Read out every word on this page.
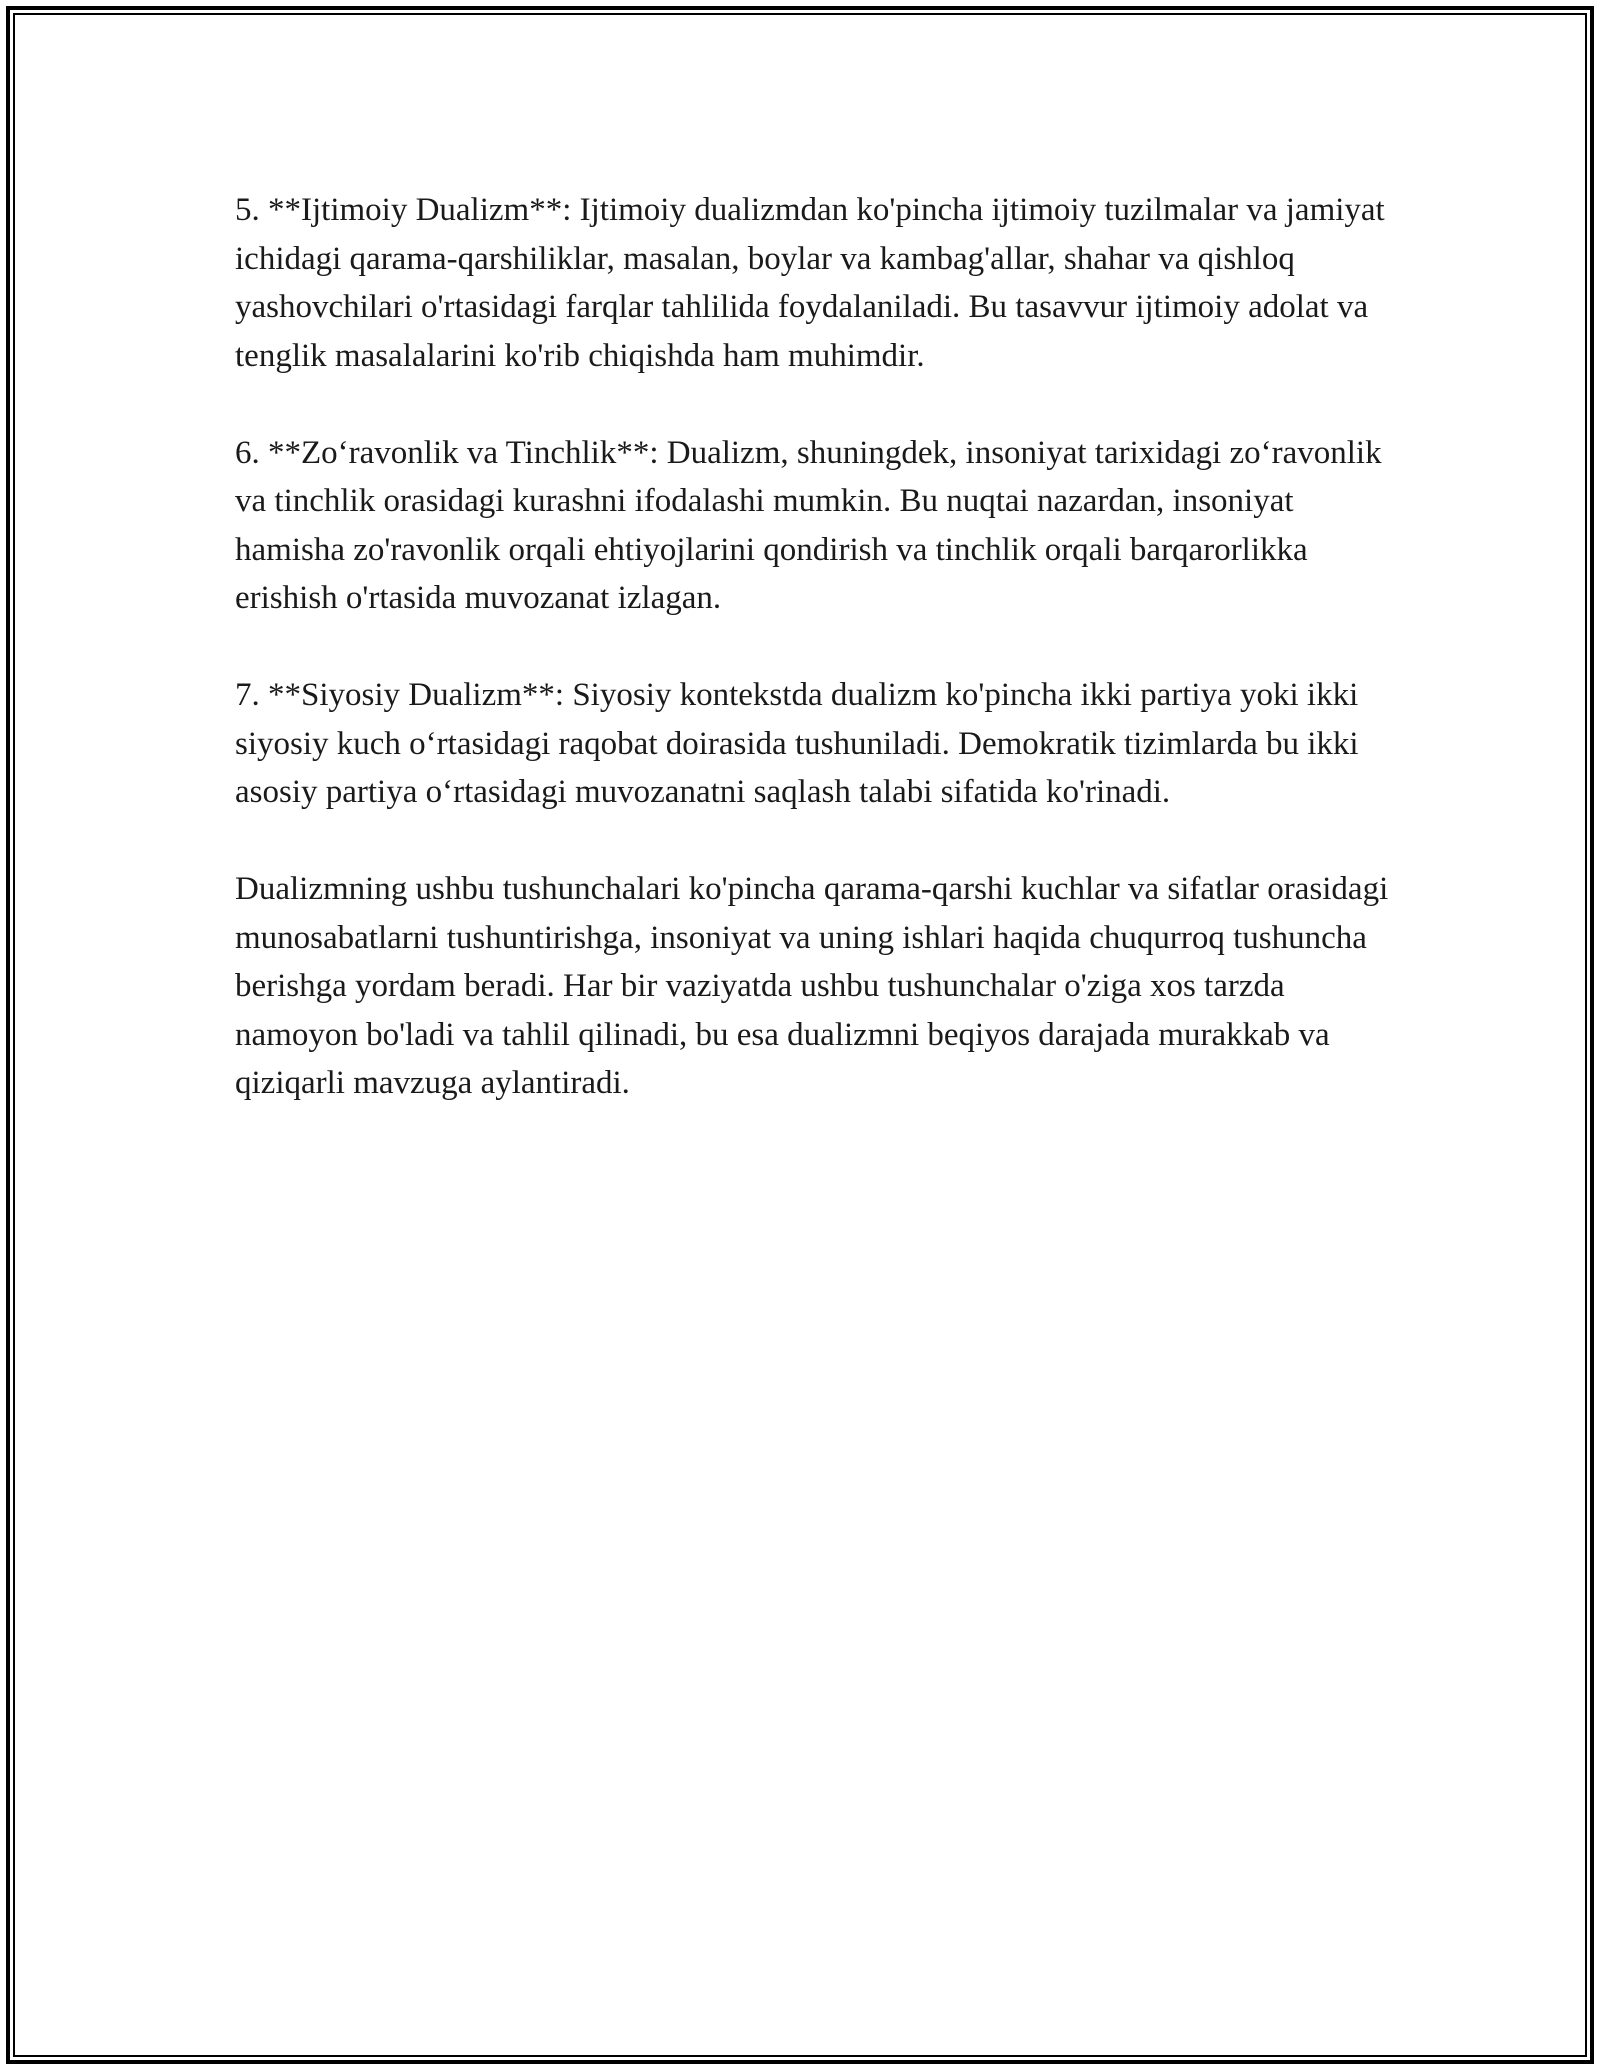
5. **Ijtimoiy Dualizm**: Ijtimoiy dualizmdan ko'pincha ijtimoiy tuzilmalar va jamiyat ichidagi qarama-qarshiliklar, masalan, boylar va kambag'allar, shahar va qishloq yashovchilari o'rtasidagi farqlar tahlilida foydalaniladi. Bu tasavvur ijtimoiy adolat va tenglik masalalarini ko'rib chiqishda ham muhimdir.

6. **Zo‘ravonlik va Tinchlik**: Dualizm, shuningdek, insoniyat tarixidagi zo‘ravonlik va tinchlik orasidagi kurashni ifodalashi mumkin. Bu nuqtai nazardan, insoniyat hamisha zo'ravonlik orqali ehtiyojlarini qondirish va tinchlik orqali barqarorlikka erishish o'rtasida muvozanat izlagan.

7. **Siyosiy Dualizm**: Siyosiy kontekstda dualizm ko'pincha ikki partiya yoki ikki siyosiy kuch o‘rtasidagi raqobat doirasida tushuniladi. Demokratik tizimlarda bu ikki asosiy partiya o‘rtasidagi muvozanatni saqlash talabi sifatida ko'rinadi.

Dualizmning ushbu tushunchalari ko'pincha qarama-qarshi kuchlar va sifatlar orasidagi munosabatlarni tushuntirishga, insoniyat va uning ishlari haqida chuqurroq tushuncha berishga yordam beradi. Har bir vaziyatda ushbu tushunchalar o'ziga xos tarzda namoyon bo'ladi va tahlil qilinadi, bu esa dualizmni beqiyos darajada murakkab va qiziqarli mavzuga aylantiradi.
